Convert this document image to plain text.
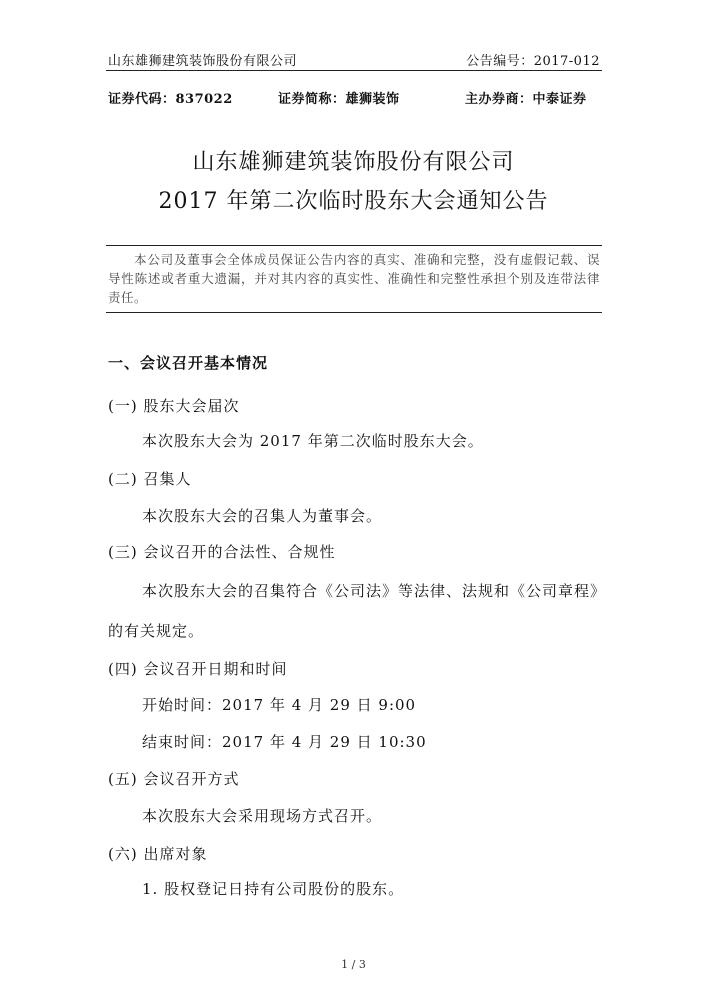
山东雄狮建筑装饰股份有限公司	公告编号：2017-012
证券代码：837022	证券简称：雄狮装饰	主办券商：中泰证券
山东雄狮建筑装饰股份有限公司
2017 年第二次临时股东大会通知公告
本公司及董事会全体成员保证公告内容的真实、准确和完整，没有虚假记载、误导性陈述或者重大遗漏，并对其内容的真实性、准确性和完整性承担个别及连带法律责任。
一、会议召开基本情况
(一) 股东大会届次
本次股东大会为 2017 年第二次临时股东大会。
(二) 召集人
本次股东大会的召集人为董事会。
(三) 会议召开的合法性、合规性
本次股东大会的召集符合《公司法》等法律、法规和《公司章程》的有关规定。
(四) 会议召开日期和时间
开始时间：2017 年 4 月 29 日 9:00
结束时间：2017 年 4 月 29 日 10:30
(五) 会议召开方式
本次股东大会采用现场方式召开。
(六) 出席对象
1. 股权登记日持有公司股份的股东。
1 / 3
